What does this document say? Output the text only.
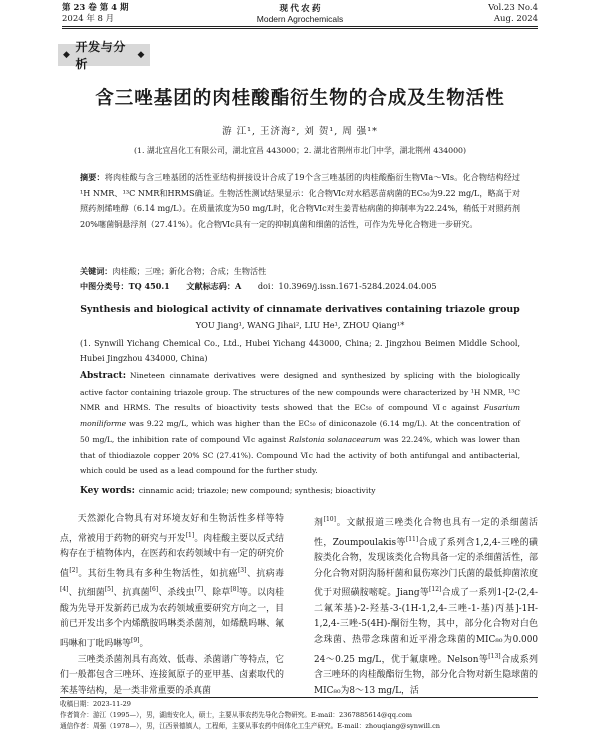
第 23 卷 第 4 期
2024 年 8 月
现 代 农 药
Modern Agrochemicals
Vol.23 No.4
Aug. 2024
◆
开发与分析
◆
含三唑基团的肉桂酸酯衍生物的合成及生物活性
游 江¹, 王济海², 刘 贺¹, 周 强¹*
(1. 湖北宜昌化工有限公司，湖北宜昌 443000；2. 湖北省荆州市北门中学，湖北荆州 434000)
摘要：将肉桂酸与含三唑基团的活性亚结构拼接设计合成了19个含三唑基团的肉桂酸酯衍生物Ⅵa～Ⅵs。化合物结构经过¹H NMR、¹³C NMR和HRMS确证。生物活性测试结果显示：化合物Ⅵc对水稻恶苗病菌的EC₅₀为9.22 mg/L，略高于对照药剂烯唑醇（6.14 mg/L）。在质量浓度为50 mg/L时，化合物Ⅵc对生姜青枯病菌的抑制率为22.24%，稍低于对照药剂20%噻菌铜悬浮剂（27.41%）。化合物Ⅵc具有一定的抑制真菌和细菌的活性，可作为先导化合物进一步研究。
关键词：肉桂酸；三唑；新化合物；合成；生物活性
中图分类号：TQ 450.1 文献标志码：A doi：10.3969/j.issn.1671-5284.2024.04.005
Synthesis and biological activity of cinnamate derivatives containing triazole group
YOU Jiang¹, WANG Jihai², LIU He¹, ZHOU Qiang¹*
(1. Synwill Yichang Chemical Co., Ltd., Hubei Yichang 443000, China; 2. Jingzhou Beimen Middle School, Hubei Jingzhou 434000, China)
Abstract: Nineteen cinnamate derivatives were designed and synthesized by splicing with the biologically active factor containing triazole group. The structures of the new compounds were characterized by ¹H NMR, ¹³C NMR and HRMS. The results of bioactivity tests showed that the EC₅₀ of compound Ⅵc against Fusarium moniliforme was 9.22 mg/L, which was higher than the EC₅₀ of diniconazole (6.14 mg/L). At the concentration of 50 mg/L, the inhibition rate of compound Ⅵc against Ralstonia solanacearum was 22.24%, which was lower than that of thiodiazole copper 20% SC (27.41%). Compound Ⅵc had the activity of both antifungal and antibacterial, which could be used as a lead compound for the further study.
Key words: cinnamic acid; triazole; new compound; synthesis; bioactivity
天然源化合物具有对环境友好和生物活性多样等特点，常被用于药物的研究与开发[1]。肉桂酸主要以反式结构存在于植物体内，在医药和农药领域中有一定的研究价值[2]。其衍生物具有多种生物活性，如抗癌[3]、抗病毒[4]、抗细菌[5]、抗真菌[6]、杀线虫[7]、除草[8]等。以肉桂酸为先导开发新药已成为农药领域重要研究方向之一，目前已开发出多个内烯酰胺吗啉类杀菌剂，如烯酰吗啉、氟吗啉和丁吡吗啉等[9]。
三唑类杀菌剂具有高效、低毒、杀菌谱广等特点，它们一般都包含三唑环、连接氮原子的亚甲基、卤素取代的苯基等结构，是一类非常重要的杀真菌
剂[10]。文献报道三唑类化合物也具有一定的杀细菌活性，Zoumpoulakis等[11]合成了系列含1,2,4-三唑的磺胺类化合物，发现该类化合物具备一定的杀细菌活性，部分化合物对阴沟肠杆菌和鼠伤寒沙门氏菌的最低抑菌浓度优于对照磺胺嘧啶。Jiang等[12]合成了一系列1-[2-(2,4-二氟苯基)-2-羟基-3-(1H-1,2,4-三唑-1-基)丙基]-1H-1,2,4-三唑-5(4H)-酮衍生物，其中，部分化合物对白色念珠菌、热带念珠菌和近平滑念珠菌的MIC₈₀为0.000 24～0.25 mg/L，优于氟康唑。Nelson等[13]合成系列含三唑环的肉桂酸酯衍生物，部分化合物对新生隐球菌的MIC₈₀为8～13 mg/L，活
收稿日期：2023-11-29
作者简介：游江（1995—），男，湖南安化人，硕士，主要从事农药先导化合物研究。E-mail：2367885614@qq.com
通信作者：周强（1978—），男，江西景德镇人，工程师，主要从事农药中间体化工生产研究。E-mail：zhouqiang@synwill.cn
